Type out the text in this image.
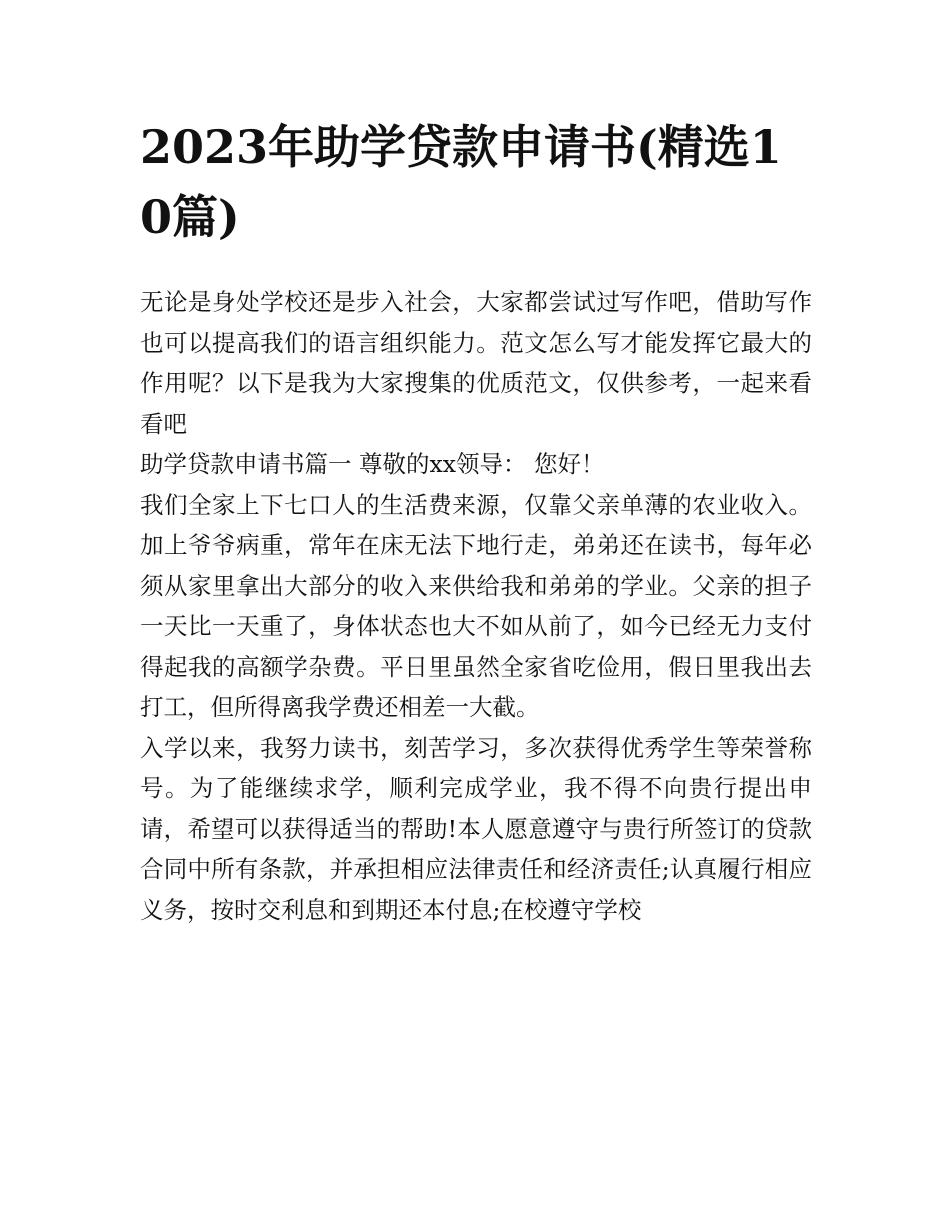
2023年助学贷款申请书(精选10篇)

无论是身处学校还是步入社会，大家都尝试过写作吧，借助写作也可以提高我们的语言组织能力。范文怎么写才能发挥它最大的作用呢？以下是我为大家搜集的优质范文，仅供参考，一起来看看吧

助学贷款申请书篇一 尊敬的xx领导： 您好！

我们全家上下七口人的生活费来源，仅靠父亲单薄的农业收入。加上爷爷病重，常年在床无法下地行走，弟弟还在读书，每年必须从家里拿出大部分的收入来供给我和弟弟的学业。父亲的担子一天比一天重了，身体状态也大不如从前了，如今已经无力支付得起我的高额学杂费。平日里虽然全家省吃俭用，假日里我出去打工，但所得离我学费还相差一大截。

入学以来，我努力读书，刻苦学习，多次获得优秀学生等荣誉称号。为了能继续求学，顺利完成学业，我不得不向贵行提出申请，希望可以获得适当的帮助!本人愿意遵守与贵行所签订的贷款合同中所有条款，并承担相应法律责任和经济责任;认真履行相应义务，按时交利息和到期还本付息;在校遵守学校
